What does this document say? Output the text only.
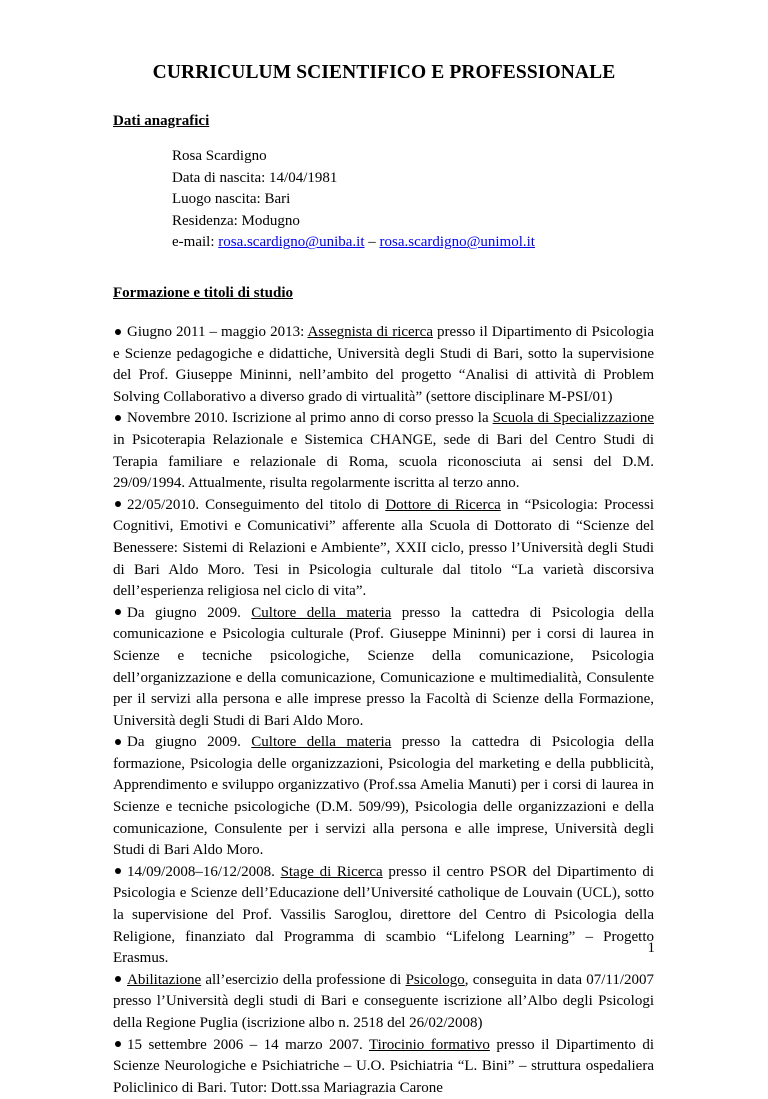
CURRICULUM SCIENTIFICO E PROFESSIONALE
Dati anagrafici
Rosa Scardigno
Data di nascita: 14/04/1981
Luogo nascita: Bari
Residenza: Modugno
e-mail: rosa.scardigno@uniba.it – rosa.scardigno@unimol.it
Formazione e titoli di studio

Giugno 2011 – maggio 2013: Assegnista di ricerca presso il Dipartimento di Psicologia e Scienze pedagogiche e didattiche, Università degli Studi di Bari, sotto la supervisione del Prof. Giuseppe Mininni, nell’ambito del progetto “Analisi di attività di Problem Solving Collaborativo a diverso grado di virtualità” (settore disciplinare M-PSI/01)

Novembre 2010. Iscrizione al primo anno di corso presso la Scuola di Specializzazione in Psicoterapia Relazionale e Sistemica CHANGE, sede di Bari del Centro Studi di Terapia familiare e relazionale di Roma, scuola riconosciuta ai sensi del D.M. 29/09/1994. Attualmente, risulta regolarmente iscritta al terzo anno.

22/05/2010. Conseguimento del titolo di Dottore di Ricerca in “Psicologia: Processi Cognitivi, Emotivi e Comunicativi” afferente alla Scuola di Dottorato di “Scienze del Benessere: Sistemi di Relazioni e Ambiente”, XXII ciclo, presso l’Università degli Studi di Bari Aldo Moro. Tesi in Psicologia culturale dal titolo “La varietà discorsiva dell’esperienza religiosa nel ciclo di vita”.

Da giugno 2009. Cultore della materia presso la cattedra di Psicologia della comunicazione e Psicologia culturale (Prof. Giuseppe Mininni) per i corsi di laurea in Scienze e tecniche psicologiche, Scienze della comunicazione, Psicologia dell’organizzazione e della comunicazione, Comunicazione e multimedialità, Consulente per il servizi alla persona e alle imprese presso la Facoltà di Scienze della Formazione, Università degli Studi di Bari Aldo Moro.

Da giugno 2009. Cultore della materia presso la cattedra di Psicologia della formazione, Psicologia delle organizzazioni, Psicologia del marketing e della pubblicità, Apprendimento e sviluppo organizzativo (Prof.ssa Amelia Manuti) per i corsi di laurea in Scienze e tecniche psicologiche (D.M. 509/99), Psicologia delle organizzazioni e della comunicazione, Consulente per i servizi alla persona e alle imprese, Università degli Studi di Bari Aldo Moro.

14/09/2008–16/12/2008. Stage di Ricerca presso il centro PSOR del Dipartimento di Psicologia e Scienze dell’Educazione dell’Université catholique de Louvain (UCL), sotto la supervisione del Prof. Vassilis Saroglou, direttore del Centro di Psicologia della Religione, finanziato dal Programma di scambio “Lifelong Learning” – Progetto Erasmus.

Abilitazione all’esercizio della professione di Psicologo, conseguita in data 07/11/2007 presso l’Università degli studi di Bari e conseguente iscrizione all’Albo degli Psicologi della Regione Puglia (iscrizione albo n. 2518 del 26/02/2008)

15 settembre 2006 – 14 marzo 2007. Tirocinio formativo presso il Dipartimento di Scienze Neurologiche e Psichiatriche – U.O. Psichiatria “L. Bini” – struttura ospedaliera Policlinico di Bari. Tutor: Dott.ssa Mariagrazia Carone

1
